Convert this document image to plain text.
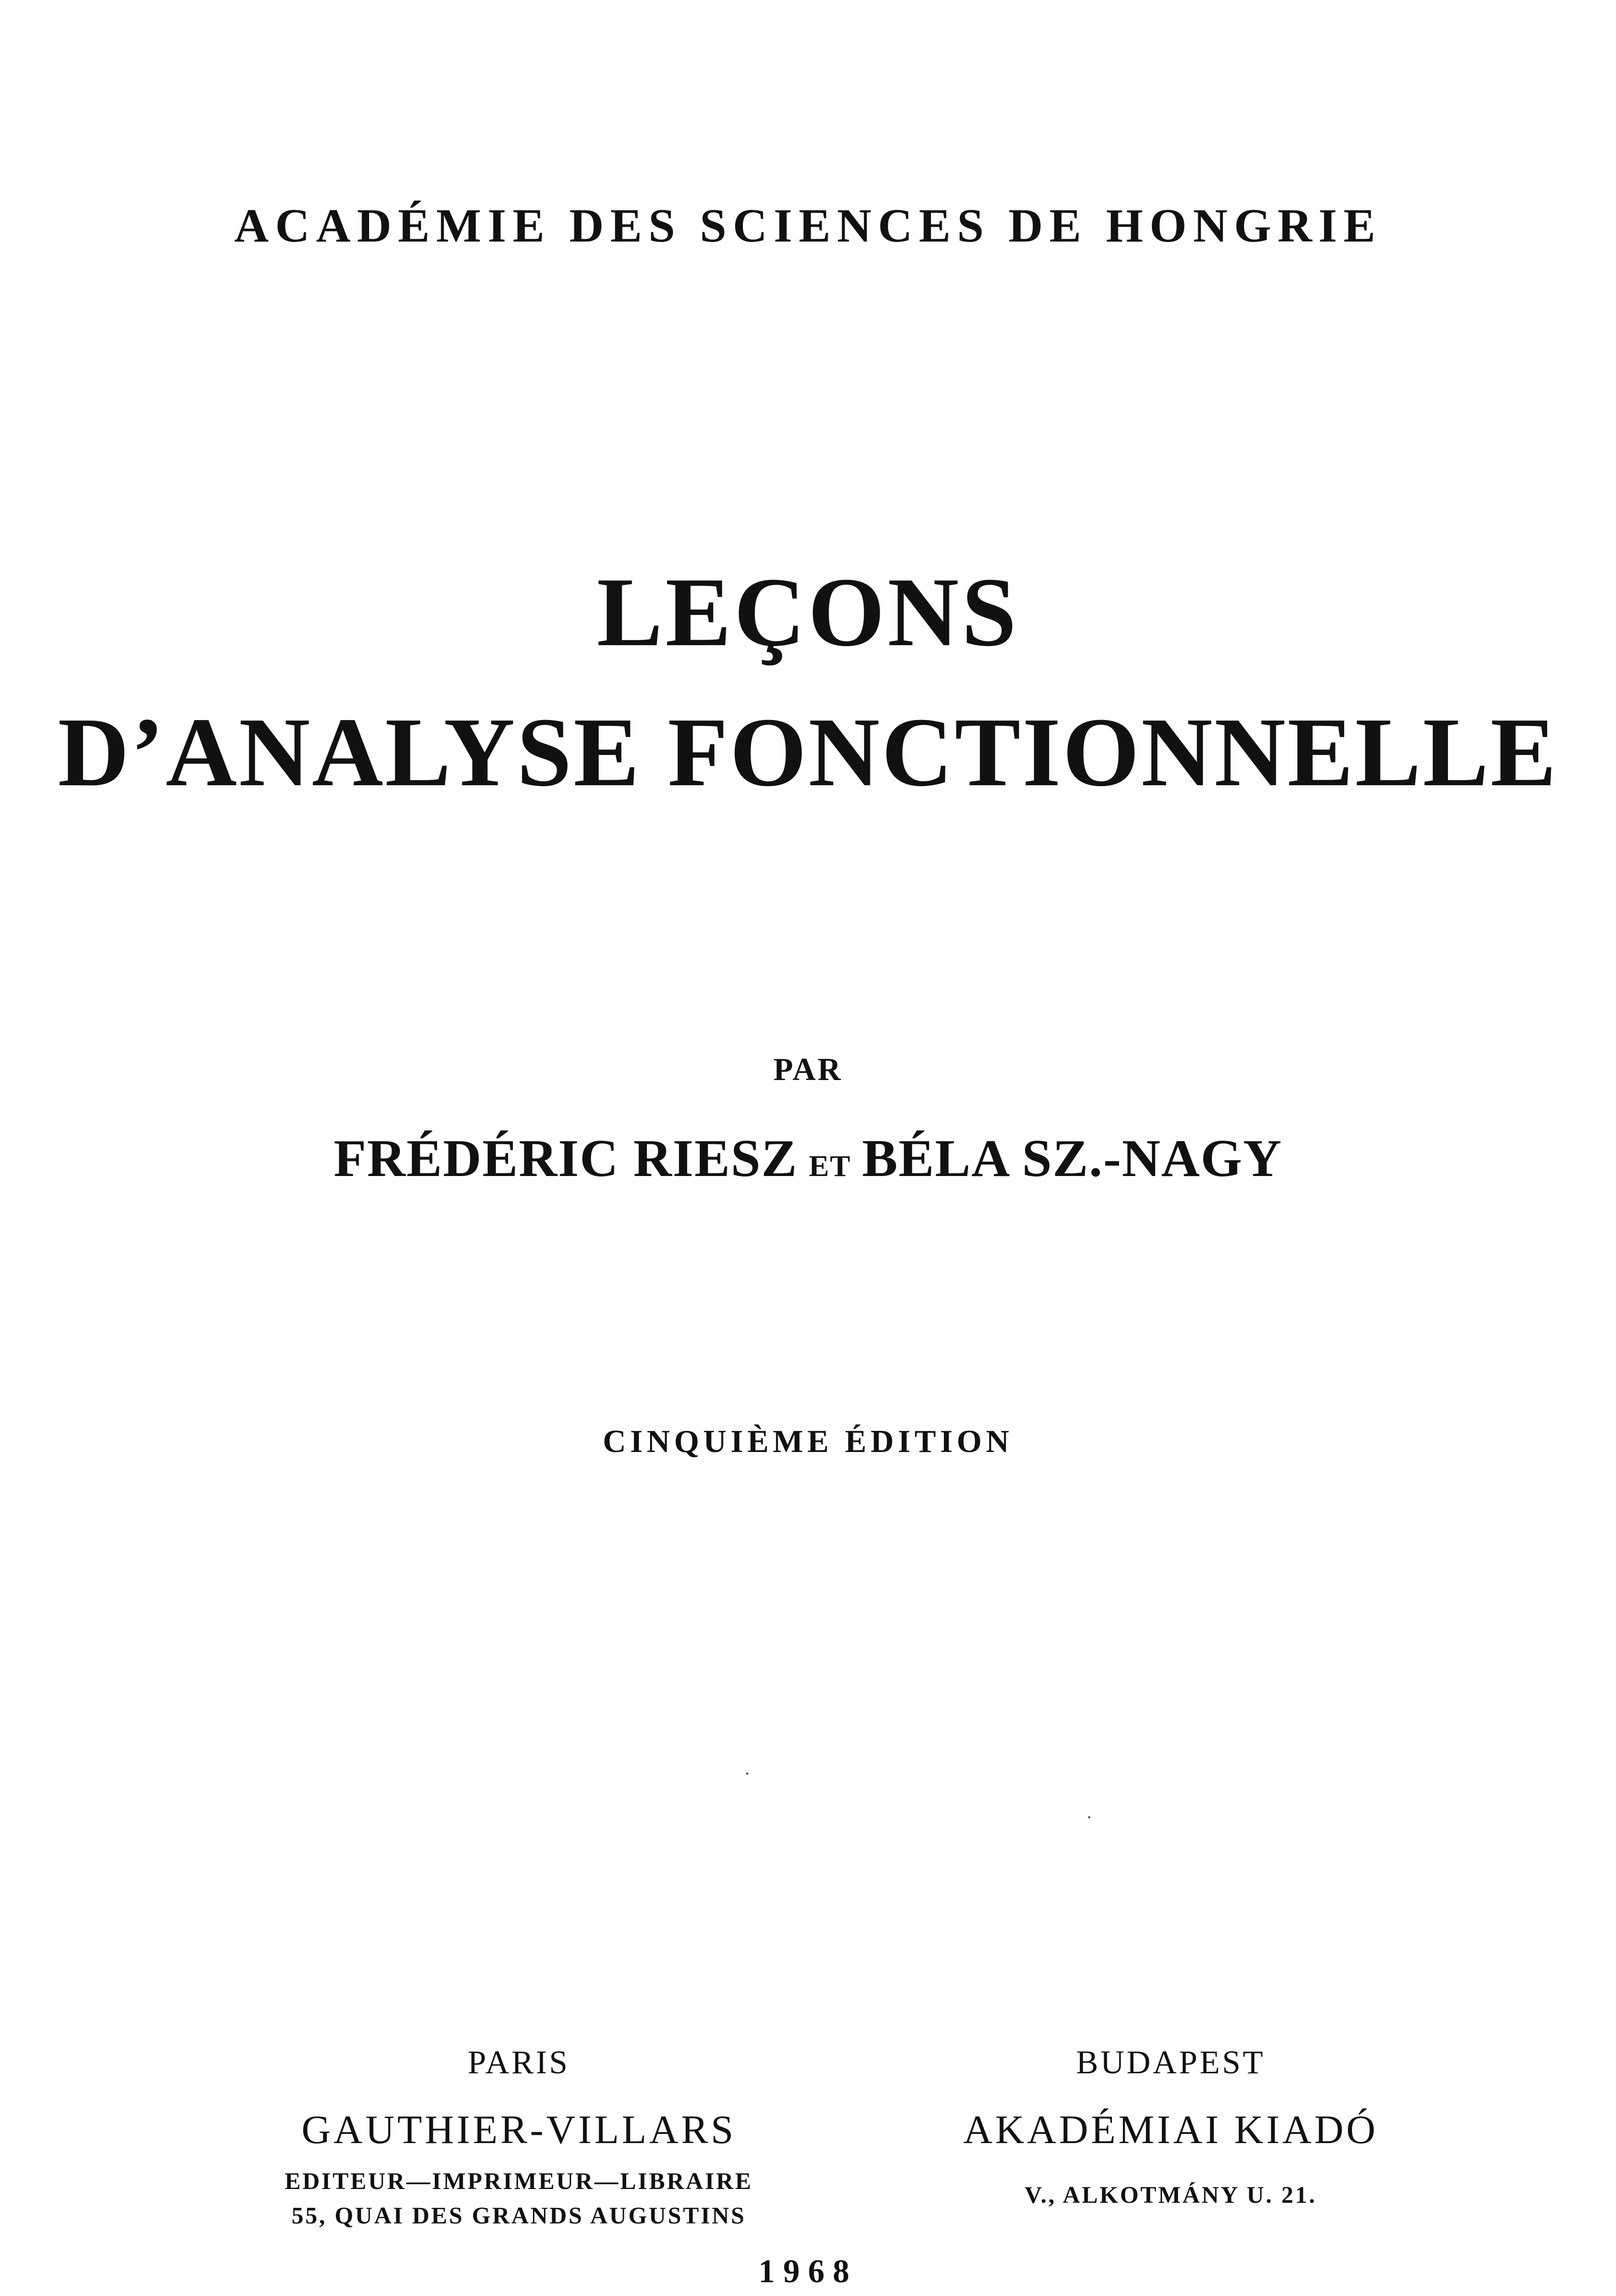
ACADÉMIE DES SCIENCES DE HONGRIE
LEÇONS
D’ANALYSE FONCTIONNELLE
PAR
FRÉDÉRIC RIESZ ET BÉLA SZ.-NAGY
CINQUIÈME ÉDITION
PARIS
GAUTHIER-VILLARS
EDITEUR—IMPRIMEUR—LIBRAIRE
55, QUAI DES GRANDS AUGUSTINS
BUDAPEST
AKADÉMIAI KIADÓ
V., ALKOTMÁNY U. 21.
1968
